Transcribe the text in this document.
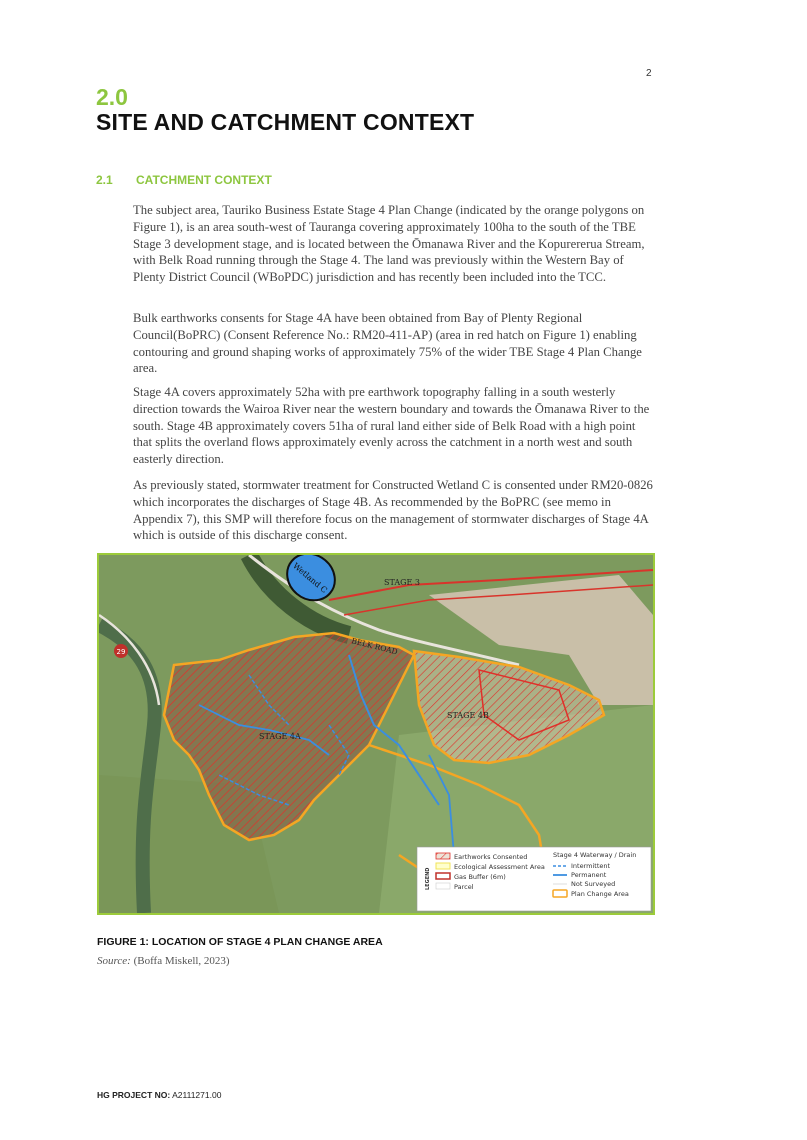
2
2.0
SITE AND CATCHMENT CONTEXT
2.1 CATCHMENT CONTEXT

The subject area, Tauriko Business Estate Stage 4 Plan Change (indicated by the orange polygons on Figure 1), is an area south-west of Tauranga covering approximately 100ha to the south of the TBE Stage 3 development stage, and is located between the Ōmanawa River and the Kopurererua Stream, with Belk Road running through the Stage 4. The land was previously within the Western Bay of Plenty District Council (WBoPDC) jurisdiction and has recently been included into the TCC.

Bulk earthworks consents for Stage 4A have been obtained from Bay of Plenty Regional Council(BoPRC) (Consent Reference No.: RM20-411-AP) (area in red hatch on Figure 1) enabling contouring and ground shaping works of approximately 75% of the wider TBE Stage 4 Plan Change area.

Stage 4A covers approximately 52ha with pre earthwork topography falling in a south westerly direction towards the Wairoa River near the western boundary and towards the Ōmanawa River to the south. Stage 4B approximately covers 51ha of rural land either side of Belk Road with a high point that splits the overland flows approximately evenly across the catchment in a north west and south easterly direction.

As previously stated, stormwater treatment for Constructed Wetland C is consented under RM20-0826 which incorporates the discharges of Stage 4B. As recommended by the BoPRC (see memo in Appendix 7), this SMP will therefore focus on the management of stormwater discharges of Stage 4A which is outside of this discharge consent.

Wetland C	STAGE 3
BELK ROAD
STAGE 4A
STAGE 4B
29
LEGEND
Earthworks Consented
Ecological Assessment Area
Gas Buffer (6m)
Parcel
Stage 4 Waterway / Drain
Intermittent
Permanent
Not Surveyed
Plan Change Area
FIGURE 1: LOCATION OF STAGE 4 PLAN CHANGE AREA
Source: (Boffa Miskell, 2023)
HG PROJECT NO: A2111271.00
